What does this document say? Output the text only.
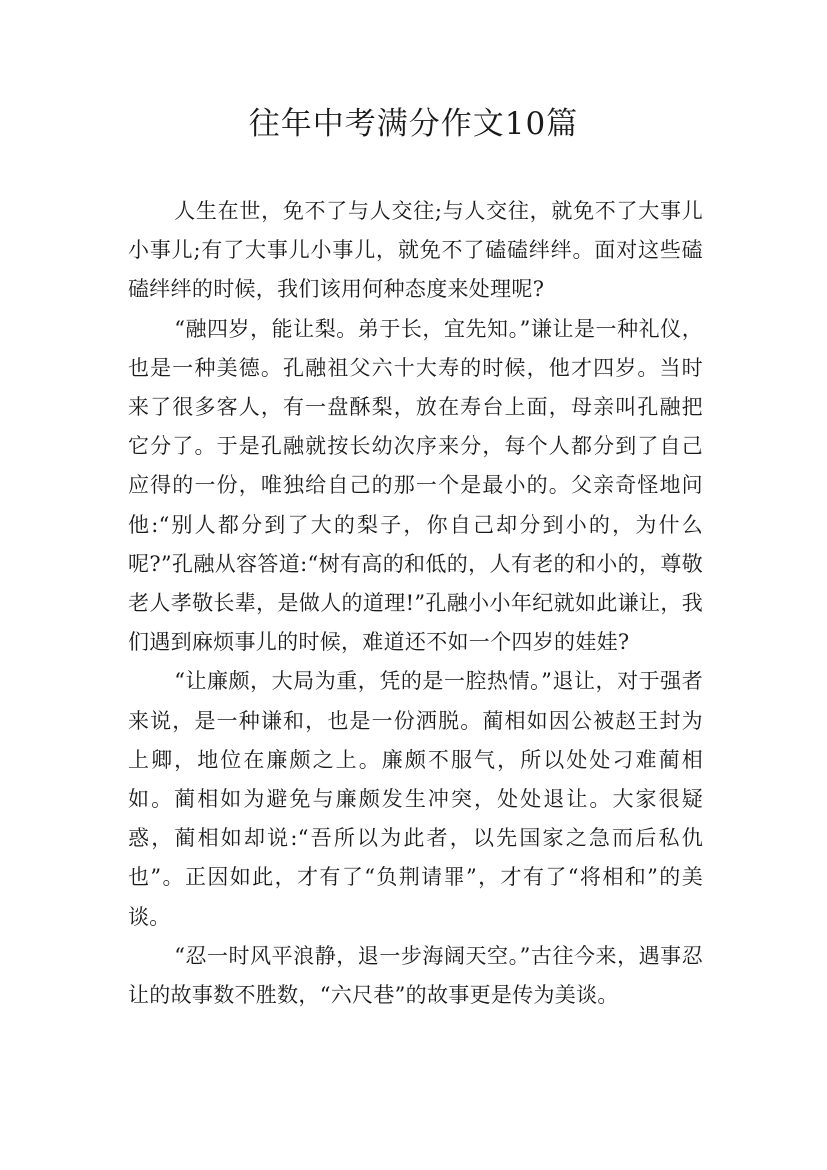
往年中考满分作文10篇

人生在世，免不了与人交往;与人交往，就免不了大事儿小事儿;有了大事儿小事儿，就免不了磕磕绊绊。面对这些磕磕绊绊的时候，我们该用何种态度来处理呢?

“融四岁，能让梨。弟于长，宜先知。”谦让是一种礼仪，也是一种美德。孔融祖父六十大寿的时候，他才四岁。当时来了很多客人，有一盘酥梨，放在寿台上面，母亲叫孔融把它分了。于是孔融就按长幼次序来分，每个人都分到了自己应得的一份，唯独给自己的那一个是最小的。父亲奇怪地问他:“别人都分到了大的梨子，你自己却分到小的，为什么呢?”孔融从容答道:“树有高的和低的，人有老的和小的，尊敬老人孝敬长辈，是做人的道理!”孔融小小年纪就如此谦让，我们遇到麻烦事儿的时候，难道还不如一个四岁的娃娃?

“让廉颇，大局为重，凭的是一腔热情。”退让，对于强者来说，是一种谦和，也是一份洒脱。蔺相如因公被赵王封为上卿，地位在廉颇之上。廉颇不服气，所以处处刁难蔺相如。蔺相如为避免与廉颇发生冲突，处处退让。大家很疑惑，蔺相如却说:“吾所以为此者，以先国家之急而后私仇也”。正因如此，才有了“负荆请罪”，才有了“将相和”的美谈。

“忍一时风平浪静，退一步海阔天空。”古往今来，遇事忍让的故事数不胜数，“六尺巷”的故事更是传为美谈。
